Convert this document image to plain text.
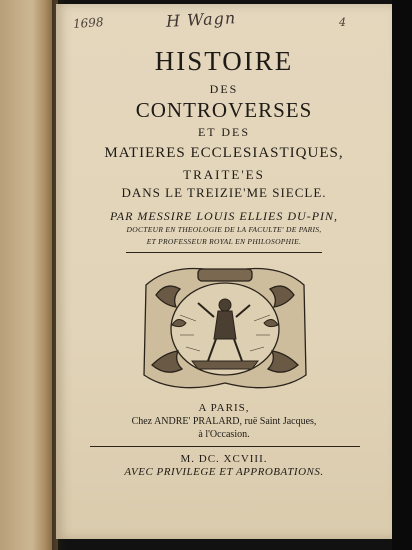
1698	H Wagn	4
HISTOIRE
DES
CONTROVERSES
ET DES
MATIERES ECCLESIASTIQUES,
TRAITE'ES
DANS LE TREIZIE'ME SIECLE.
PAR MESSIRE LOUIS ELLIES DU-PIN,
DOCTEUR EN THEOLOGIE DE LA FACULTE' DE PARIS,
ET PROFESSEUR ROYAL EN PHILOSOPHIE.
A PARIS,
Chez ANDRE' PRALARD, ruë Saint Jacques,
à l'Occasion.
M. DC. XCVIII.
AVEC PRIVILEGE ET APPROBATIONS.
